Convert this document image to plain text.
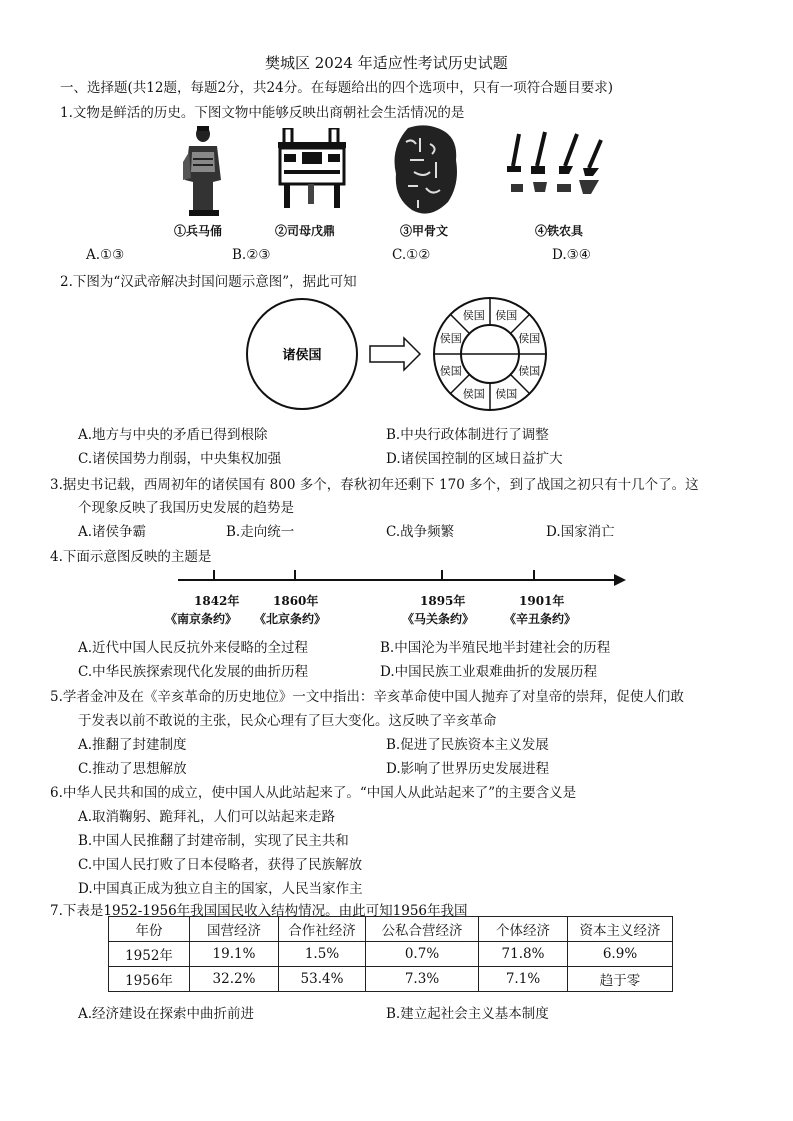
樊城区 2024 年适应性考试历史试题
一、选择题(共12题，每题2分，共24分。在每题给出的四个选项中，只有一项符合题目要求)
1.文物是鲜活的历史。下图文物中能够反映出商朝社会生活情况的是
①兵马俑	②司母戊鼎	③甲骨文	④铁农具
A.①③	B.②③	C.①②	D.③④
2.下图为“汉武帝解决封国问题示意图”，据此可知
诸侯国
侯国
侯国
侯国
侯国
侯国
侯国 侯国
侯国
A.地方与中央的矛盾已得到根除	B.中央行政体制进行了调整
C.诸侯国势力削弱，中央集权加强	D.诸侯国控制的区域日益扩大
3.据史书记载，西周初年的诸侯国有 800 多个，春秋初年还剩下 170 多个，到了战国之初只有十几个了。这
个现象反映了我国历史发展的趋势是
A.诸侯争霸	B.走向统一	C.战争频繁	D.国家消亡
4.下面示意图反映的主题是
1842年	1860年	1895年	1901年
《南京条约》 《北京条约》	《马关条约》 《辛丑条约》
A.近代中国人民反抗外来侵略的全过程	B.中国沦为半殖民地半封建社会的历程
C.中华民族探索现代化发展的曲折历程	D.中国民族工业艰难曲折的发展历程
5.学者金冲及在《辛亥革命的历史地位》一文中指出：辛亥革命使中国人抛弃了对皇帝的崇拜，促使人们敢
于发表以前不敢说的主张，民众心理有了巨大变化。这反映了辛亥革命
A.推翻了封建制度	B.促进了民族资本主义发展
C.推动了思想解放	D.影响了世界历史发展进程
6.中华人民共和国的成立，使中国人从此站起来了。“中国人从此站起来了”的主要含义是
A.取消鞠躬、跪拜礼，人们可以站起来走路
B.中国人民推翻了封建帝制，实现了民主共和
C.中国人民打败了日本侵略者，获得了民族解放
D.中国真正成为独立自主的国家，人民当家作主
7.下表是1952-1956年我国国民收入结构情况。由此可知1956年我国
年份	国营经济	合作社经济	公私合营经济	个体经济	资本主义经济
1952年	19.1%	1.5%	0.7%	71.8%	6.9%
1956年	32.2%	53.4%	7.3%	7.1%	趋于零
A.经济建设在探索中曲折前进	B.建立起社会主义基本制度
